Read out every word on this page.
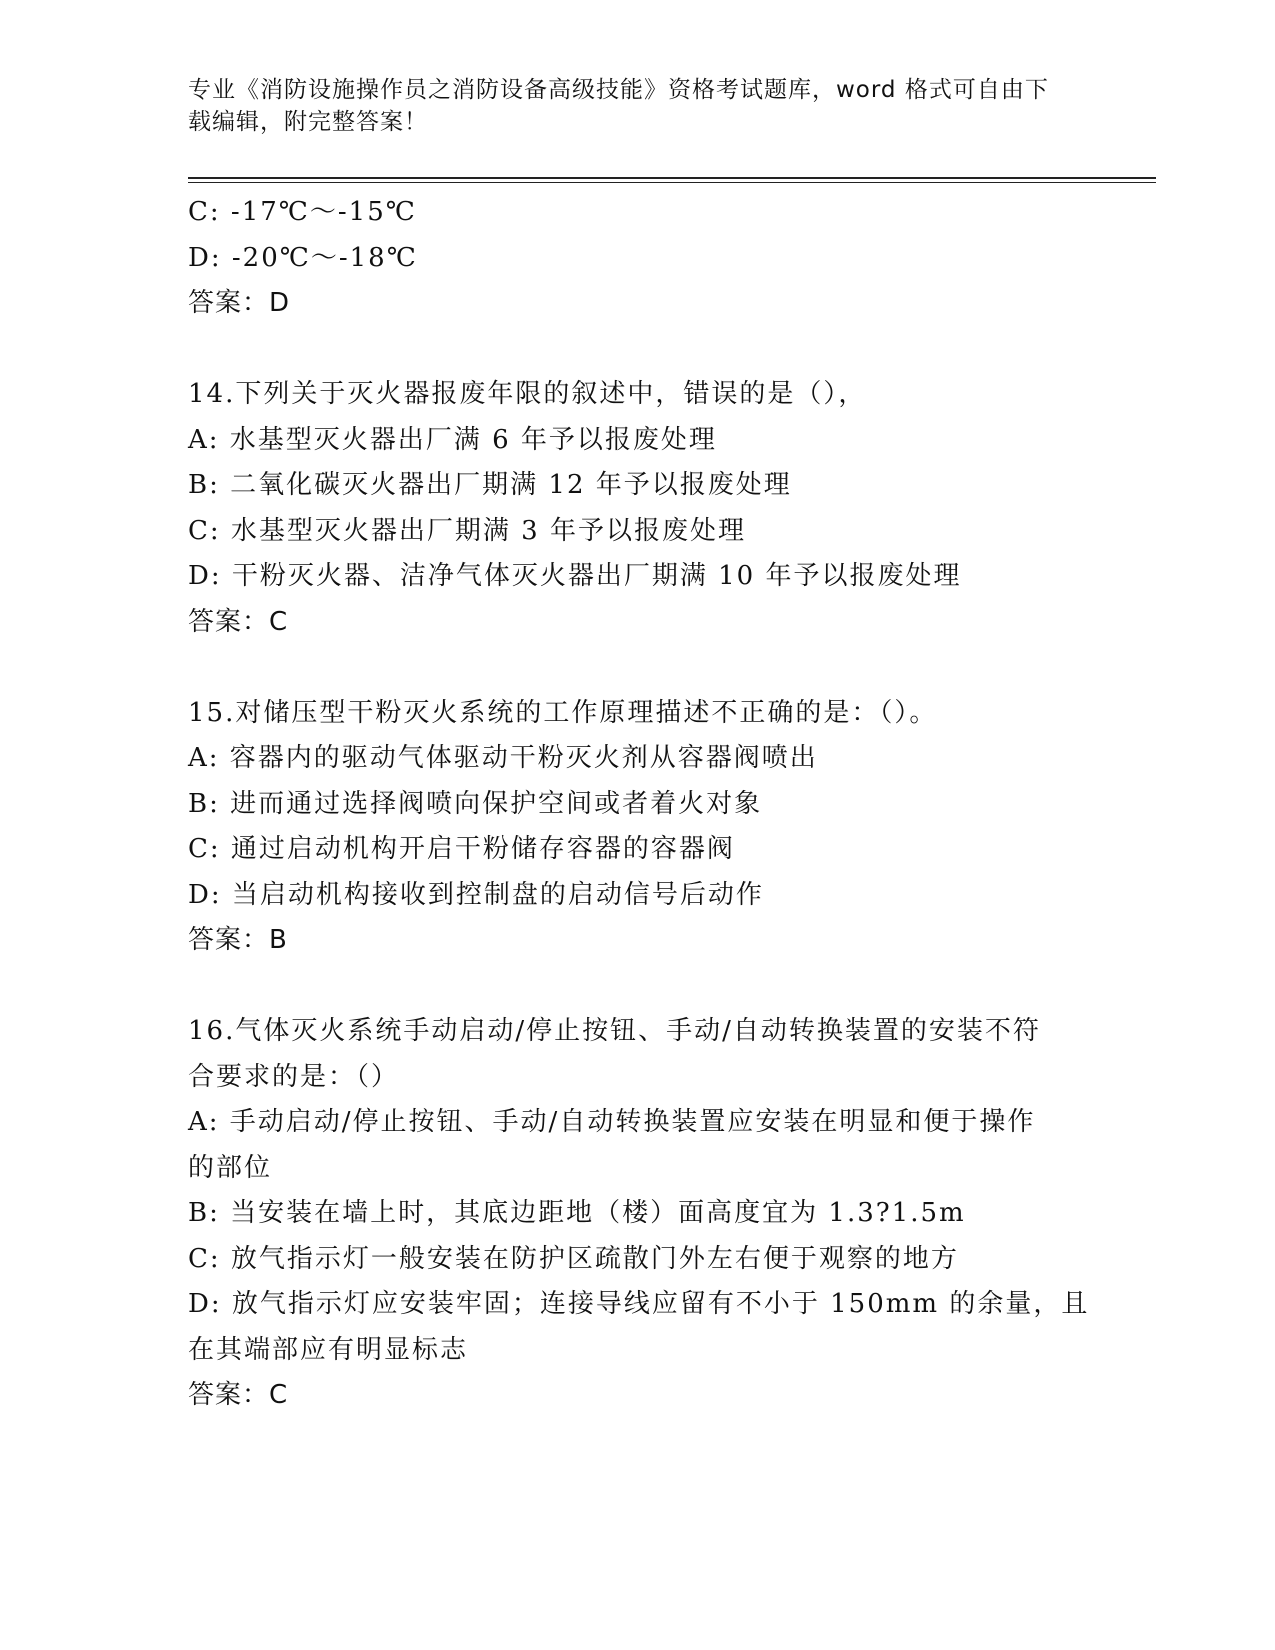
专业《消防设施操作员之消防设备高级技能》资格考试题库，word 格式可自由下
载编辑，附完整答案！
C: -17℃～-15℃
D: -20℃～-18℃
答案：D
14.下列关于灭火器报废年限的叙述中，错误的是（），
A: 水基型灭火器出厂满 6 年予以报废处理
B: 二氧化碳灭火器出厂期满 12 年予以报废处理
C: 水基型灭火器出厂期满 3 年予以报废处理
D: 干粉灭火器、洁净气体灭火器出厂期满 10 年予以报废处理
答案：C
15.对储压型干粉灭火系统的工作原理描述不正确的是：（）。
A: 容器内的驱动气体驱动干粉灭火剂从容器阀喷出
B: 进而通过选择阀喷向保护空间或者着火对象
C: 通过启动机构开启干粉储存容器的容器阀
D: 当启动机构接收到控制盘的启动信号后动作
答案：B
16.气体灭火系统手动启动/停止按钮、手动/自动转换装置的安装不符
合要求的是：（）
A: 手动启动/停止按钮、手动/自动转换装置应安装在明显和便于操作
的部位
B: 当安装在墙上时，其底边距地（楼）面高度宜为 1.3?1.5m
C: 放气指示灯一般安装在防护区疏散门外左右便于观察的地方
D: 放气指示灯应安装牢固；连接导线应留有不小于 150mm 的余量，且
在其端部应有明显标志
答案：C
